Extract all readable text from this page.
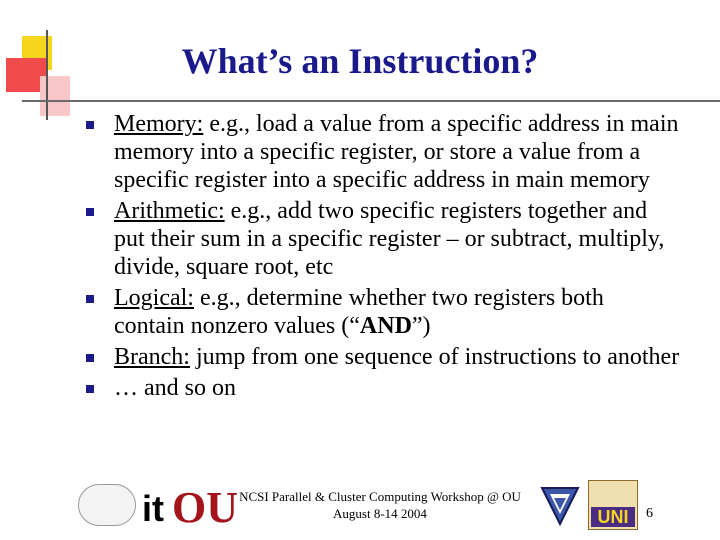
What’s an Instruction?
Memory: e.g., load a value from a specific address in main memory into a specific register, or store a value from a specific register into a specific address in main memory
Arithmetic: e.g., add two specific registers together and put their sum in a specific register – or subtract, multiply, divide, square root, etc
Logical: e.g., determine whether two registers both contain nonzero values (“AND”)
Branch: jump from one sequence of instructions to another
… and so on
it OU NCSI Parallel & Cluster Computing Workshop @ OU
August 8-14 2004	UNI	6
